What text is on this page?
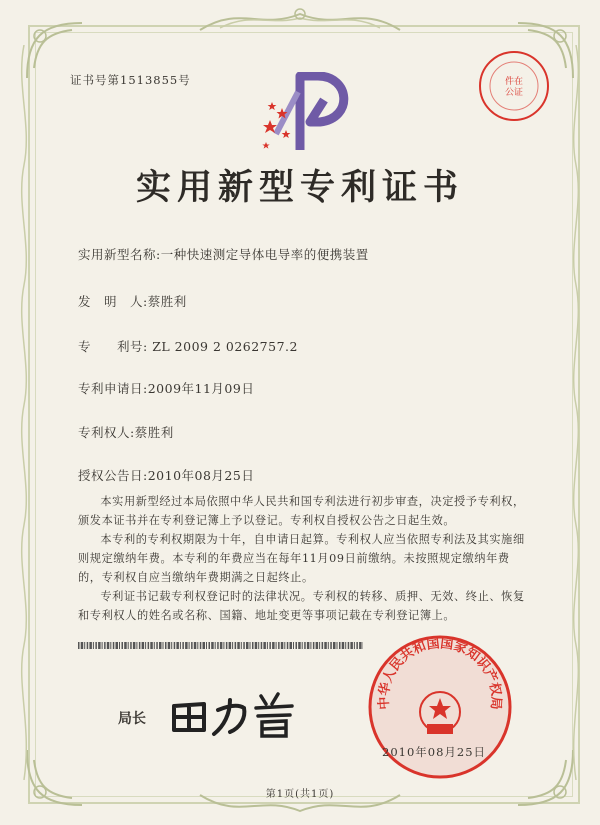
证书号第1513855号	件在
公证
实用新型专利证书
实用新型名称:一种快速测定导体电导率的便携装置
发　明　人:蔡胜利
专　　利号: ZL 2009 2 0262757.2
专利申请日:2009年11月09日
专利权人:蔡胜利
授权公告日:2010年08月25日
本实用新型经过本局依照中华人民共和国专利法进行初步审查，决定授予专利权，颁发本证书并在专利登记簿上予以登记。专利权自授权公告之日起生效。
本专利的专利权期限为十年，自申请日起算。专利权人应当依照专利法及其实施细则规定缴纳年费。本专利的年费应当在每年11月09日前缴纳。未按照规定缴纳年费的，专利权自应当缴纳年费期满之日起终止。
专利证书记载专利权登记时的法律状况。专利权的转移、质押、无效、终止、恢复和专利权人的姓名或名称、国籍、地址变更等事项记载在专利登记簿上。
局长
中华人民共和国国家知识产权局
2010年08月25日
第1页(共1页)
